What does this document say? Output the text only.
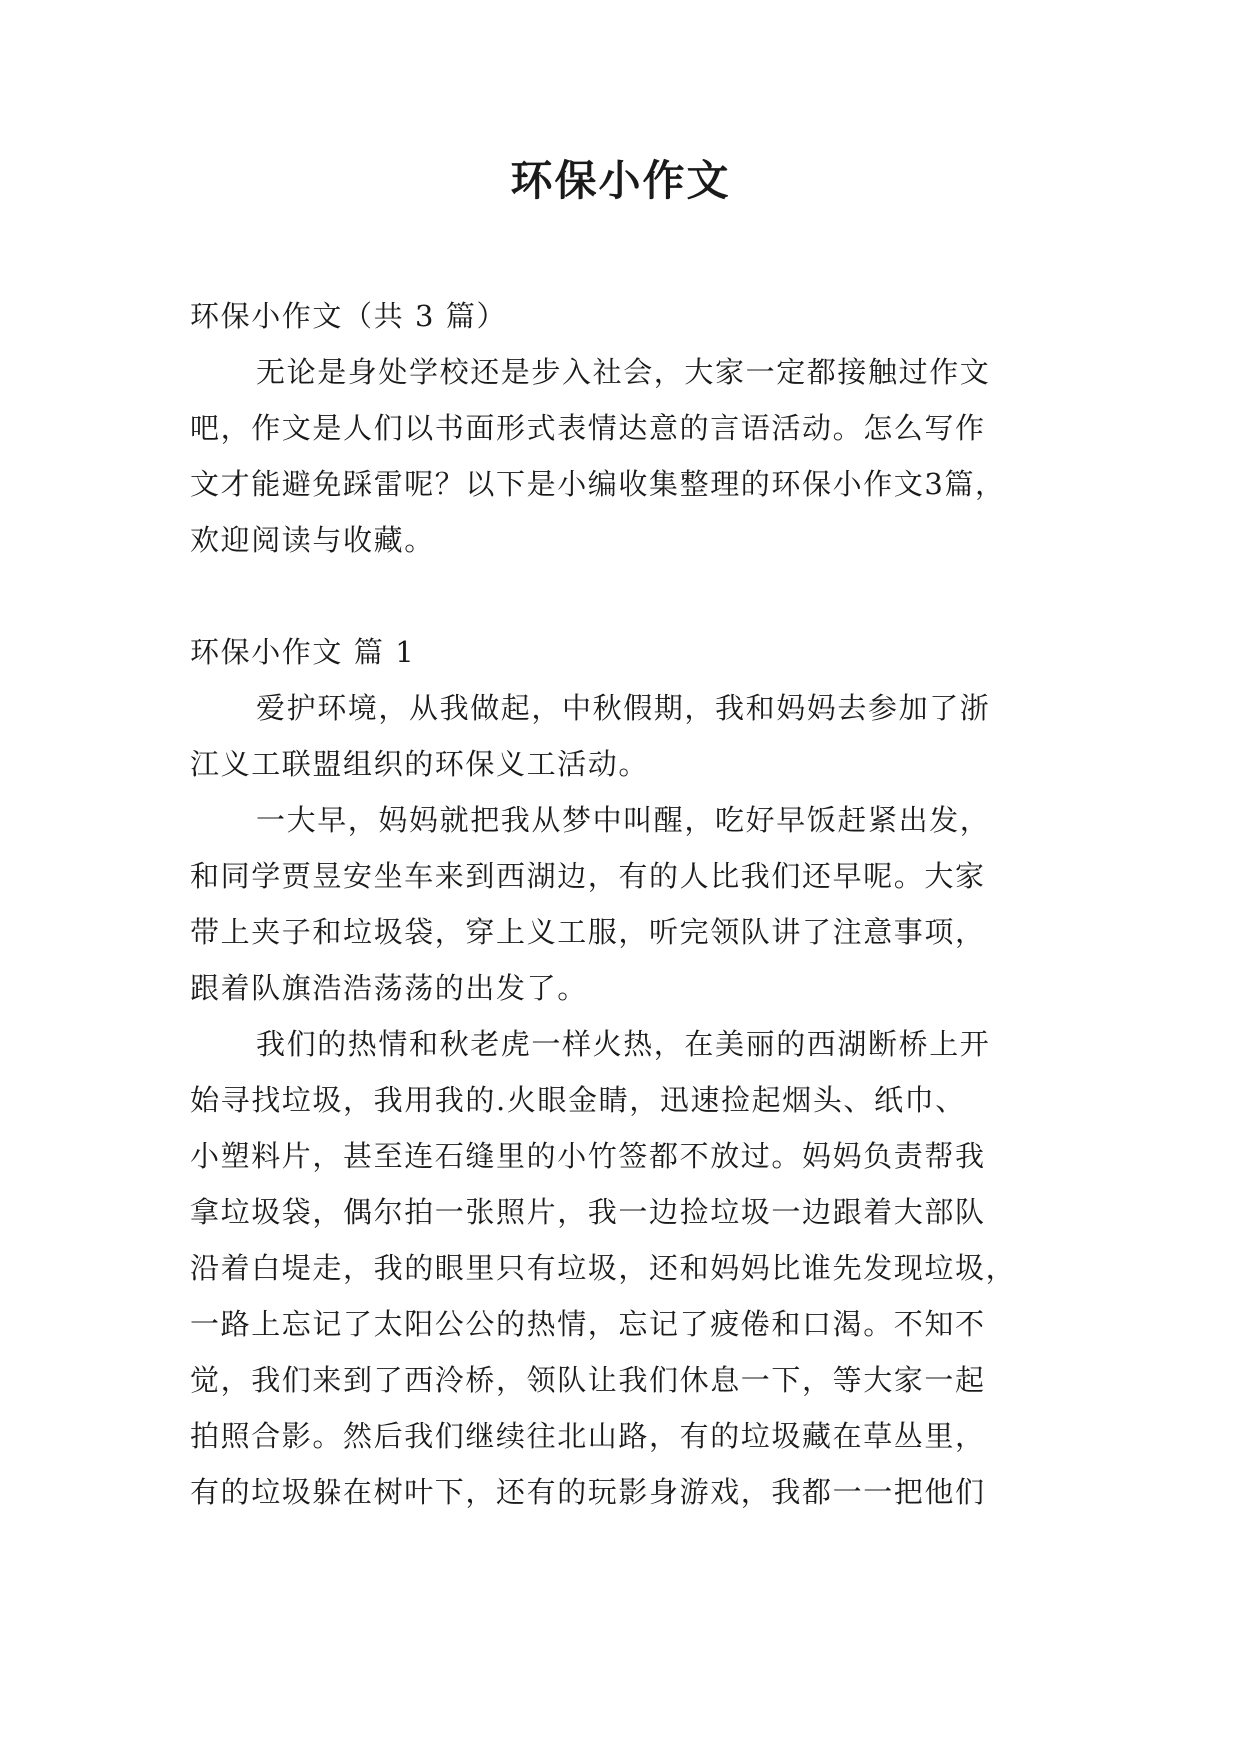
环保小作文
环保小作文（共 3 篇）
无论是身处学校还是步入社会，大家一定都接触过作文
吧，作文是人们以书面形式表情达意的言语活动。怎么写作
文才能避免踩雷呢？以下是小编收集整理的环保小作文3篇，
欢迎阅读与收藏。
环保小作文 篇 1
爱护环境，从我做起，中秋假期，我和妈妈去参加了浙
江义工联盟组织的环保义工活动。
一大早，妈妈就把我从梦中叫醒，吃好早饭赶紧出发，
和同学贾昱安坐车来到西湖边，有的人比我们还早呢。大家
带上夹子和垃圾袋，穿上义工服，听完领队讲了注意事项，
跟着队旗浩浩荡荡的出发了。
我们的热情和秋老虎一样火热，在美丽的西湖断桥上开
始寻找垃圾，我用我的.火眼金睛，迅速捡起烟头、纸巾、
小塑料片，甚至连石缝里的小竹签都不放过。妈妈负责帮我
拿垃圾袋，偶尔拍一张照片，我一边捡垃圾一边跟着大部队
沿着白堤走，我的眼里只有垃圾，还和妈妈比谁先发现垃圾，
一路上忘记了太阳公公的热情，忘记了疲倦和口渴。不知不
觉，我们来到了西泠桥，领队让我们休息一下，等大家一起
拍照合影。然后我们继续往北山路，有的垃圾藏在草丛里，
有的垃圾躲在树叶下，还有的玩影身游戏，我都一一把他们
